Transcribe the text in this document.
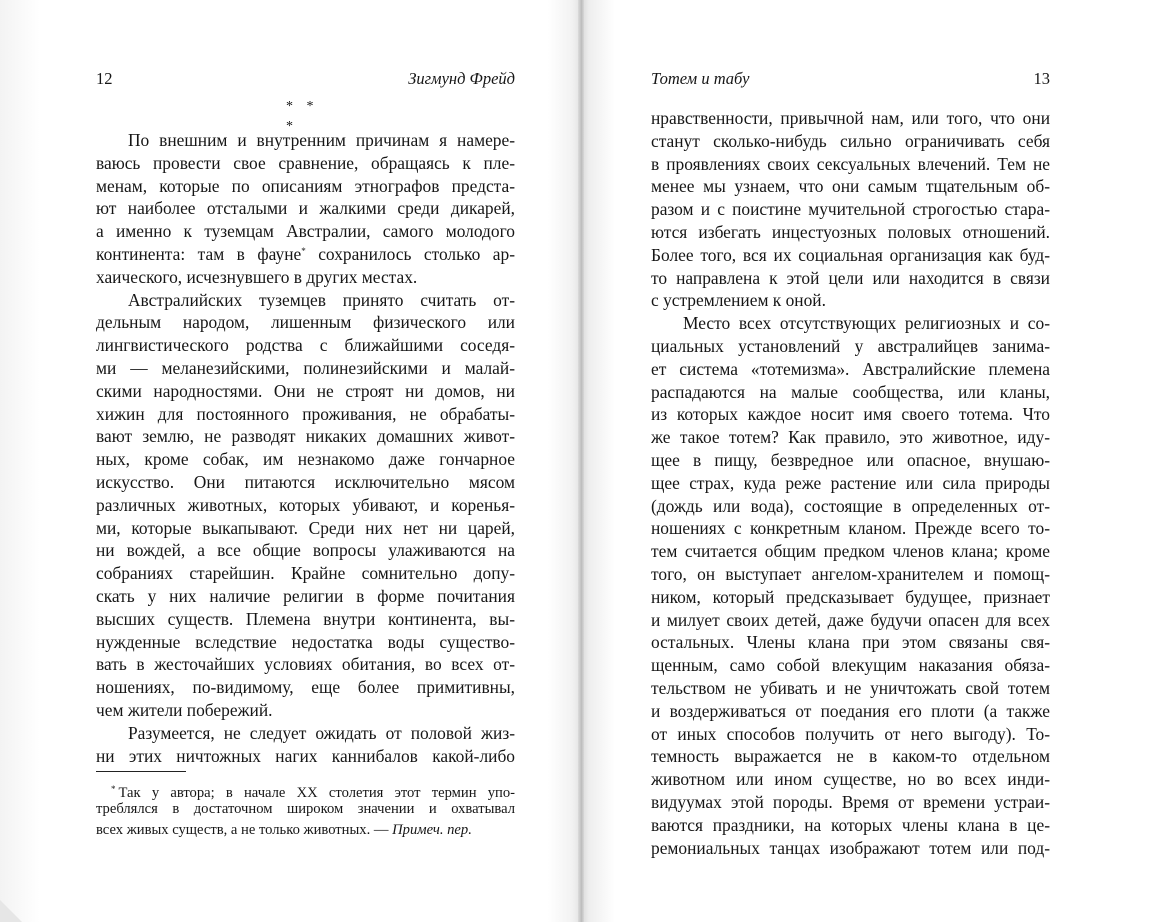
12	Зигмунд Фрейд
* * *
По внешним и внутренним причинам я намере-
ваюсь провести свое сравнение, обращаясь к пле-
менам, которые по описаниям этнографов предста-
ют наиболее отсталыми и жалкими среди дикарей,
а именно к туземцам Австралии, самого молодого
континента: там в фауне* сохранилось столько ар-
хаического, исчезнувшего в других местах.
Австралийских туземцев принято считать от-
дельным народом, лишенным физического или
лингвистического родства с ближайшими соседя-
ми — меланезийскими, полинезийскими и малай-
скими народностями. Они не строят ни домов, ни
хижин для постоянного проживания, не обрабаты-
вают землю, не разводят никаких домашних живот-
ных, кроме собак, им незнакомо даже гончарное
искусство. Они питаются исключительно мясом
различных животных, которых убивают, и коренья-
ми, которые выкапывают. Среди них нет ни царей,
ни вождей, а все общие вопросы улаживаются на
собраниях старейшин. Крайне сомнительно допу-
скать у них наличие религии в форме почитания
высших существ. Племена внутри континента, вы-
нужденные вследствие недостатка воды существо-
вать в жесточайших условиях обитания, во всех от-
ношениях, по-видимому, еще более примитивны,
чем жители побережий.
Разумеется, не следует ожидать от половой жиз-
ни этих ничтожных нагих каннибалов какой-либо
* Так у автора; в начале XX столетия этот термин упо-
треблялся в достаточном широком значении и охватывал
всех живых существ, а не только животных. — Примеч. пер.
Тотем и табу	13
нравственности, привычной нам, или того, что они
станут сколько-нибудь сильно ограничивать себя
в проявлениях своих сексуальных влечений. Тем не
менее мы узнаем, что они самым тщательным об-
разом и с поистине мучительной строгостью стара-
ются избегать инцестуозных половых отношений.
Более того, вся их социальная организация как буд-
то направлена к этой цели или находится в связи
с устремлением к оной.
Место всех отсутствующих религиозных и со-
циальных установлений у австралийцев занима-
ет система «тотемизма». Австралийские племена
распадаются на малые сообщества, или кланы,
из которых каждое носит имя своего тотема. Что
же такое тотем? Как правило, это животное, иду-
щее в пищу, безвредное или опасное, внушаю-
щее страх, куда реже растение или сила природы
(дождь или вода), состоящие в определенных от-
ношениях с конкретным кланом. Прежде всего то-
тем считается общим предком членов клана; кроме
того, он выступает ангелом-хранителем и помощ-
ником, который предсказывает будущее, признает
и милует своих детей, даже будучи опасен для всех
остальных. Члены клана при этом связаны свя-
щенным, само собой влекущим наказания обяза-
тельством не убивать и не уничтожать свой тотем
и воздерживаться от поедания его плоти (а также
от иных способов получить от него выгоду). То-
темность выражается не в каком-то отдельном
животном или ином существе, но во всех инди-
видуумах этой породы. Время от времени устраи-
ваются праздники, на которых члены клана в це-
ремониальных танцах изображают тотем или под-
